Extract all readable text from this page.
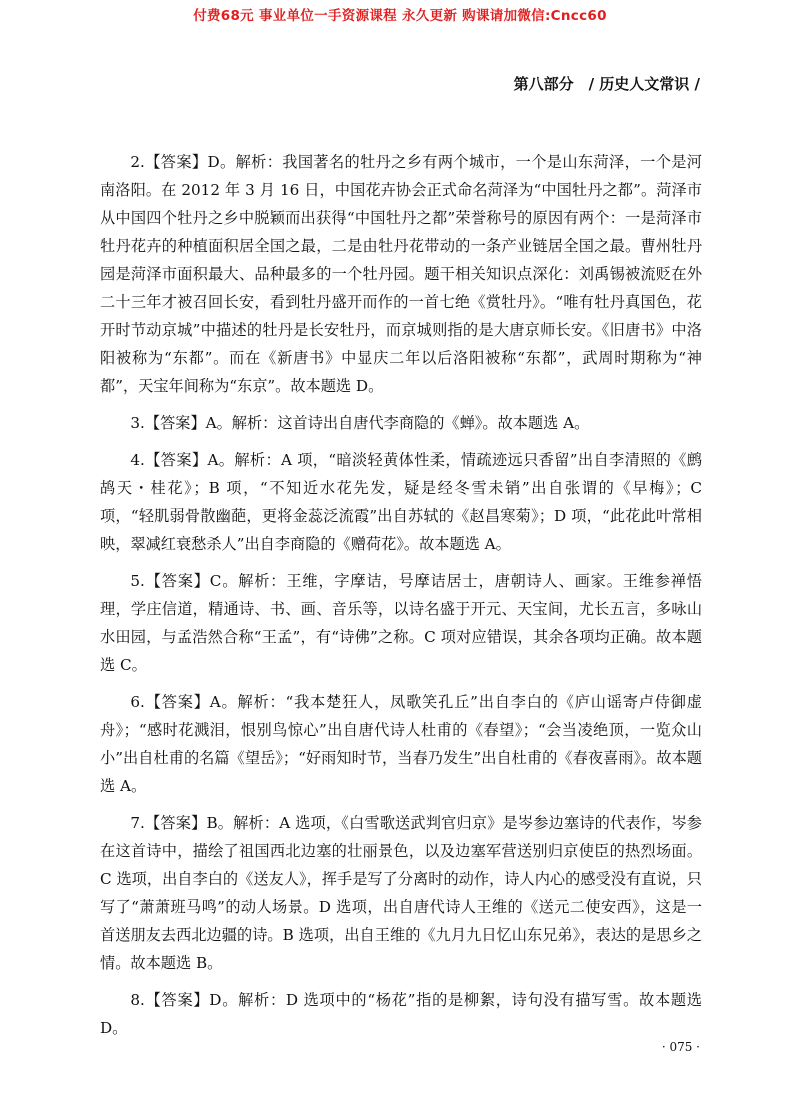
付费68元 事业单位一手资源课程 永久更新 购课请加微信:Cncc60
第八部分　/ 历史人文常识 /

2.【答案】D。解析：我国著名的牡丹之乡有两个城市，一个是山东菏泽，一个是河南洛阳。在 2012 年 3 月 16 日，中国花卉协会正式命名菏泽为“中国牡丹之都”。菏泽市从中国四个牡丹之乡中脱颖而出获得“中国牡丹之都”荣誉称号的原因有两个：一是菏泽市牡丹花卉的种植面积居全国之最，二是由牡丹花带动的一条产业链居全国之最。曹州牡丹园是菏泽市面积最大、品种最多的一个牡丹园。题干相关知识点深化：刘禹锡被流贬在外二十三年才被召回长安，看到牡丹盛开而作的一首七绝《赏牡丹》。“唯有牡丹真国色，花开时节动京城”中描述的牡丹是长安牡丹，而京城则指的是大唐京师长安。《旧唐书》中洛阳被称为“东都”。而在《新唐书》中显庆二年以后洛阳被称“东都”，武周时期称为“神都”，天宝年间称为“东京”。故本题选 D。

3.【答案】A。解析：这首诗出自唐代李商隐的《蝉》。故本题选 A。

4.【答案】A。解析：A 项，“暗淡轻黄体性柔，情疏迹远只香留”出自李清照的《鹧鸪天・桂花》；B 项，“不知近水花先发，疑是经冬雪未销”出自张谓的《早梅》；C 项，“轻肌弱骨散幽葩，更将金蕊泛流霞”出自苏轼的《赵昌寒菊》；D 项，“此花此叶常相映，翠减红衰愁杀人”出自李商隐的《赠荷花》。故本题选 A。

5.【答案】C。解析：王维，字摩诘，号摩诘居士，唐朝诗人、画家。王维参禅悟理，学庄信道，精通诗、书、画、音乐等，以诗名盛于开元、天宝间，尤长五言，多咏山水田园，与孟浩然合称“王孟”，有“诗佛”之称。C 项对应错误，其余各项均正确。故本题选 C。

6.【答案】A。解析：“我本楚狂人，凤歌笑孔丘”出自李白的《庐山谣寄卢侍御虚舟》；“感时花溅泪，恨别鸟惊心”出自唐代诗人杜甫的《春望》；“会当凌绝顶，一览众山小”出自杜甫的名篇《望岳》；“好雨知时节，当春乃发生”出自杜甫的《春夜喜雨》。故本题选 A。

7.【答案】B。解析：A 选项，《白雪歌送武判官归京》是岑参边塞诗的代表作，岑参在这首诗中，描绘了祖国西北边塞的壮丽景色，以及边塞军营送别归京使臣的热烈场面。C 选项，出自李白的《送友人》，挥手是写了分离时的动作，诗人内心的感受没有直说，只写了“萧萧班马鸣”的动人场景。D 选项，出自唐代诗人王维的《送元二使安西》，这是一首送朋友去西北边疆的诗。B 选项，出自王维的《九月九日忆山东兄弟》，表达的是思乡之情。故本题选 B。

8.【答案】D。解析：D 选项中的“杨花”指的是柳絮，诗句没有描写雪。故本题选 D。

· 075 ·
